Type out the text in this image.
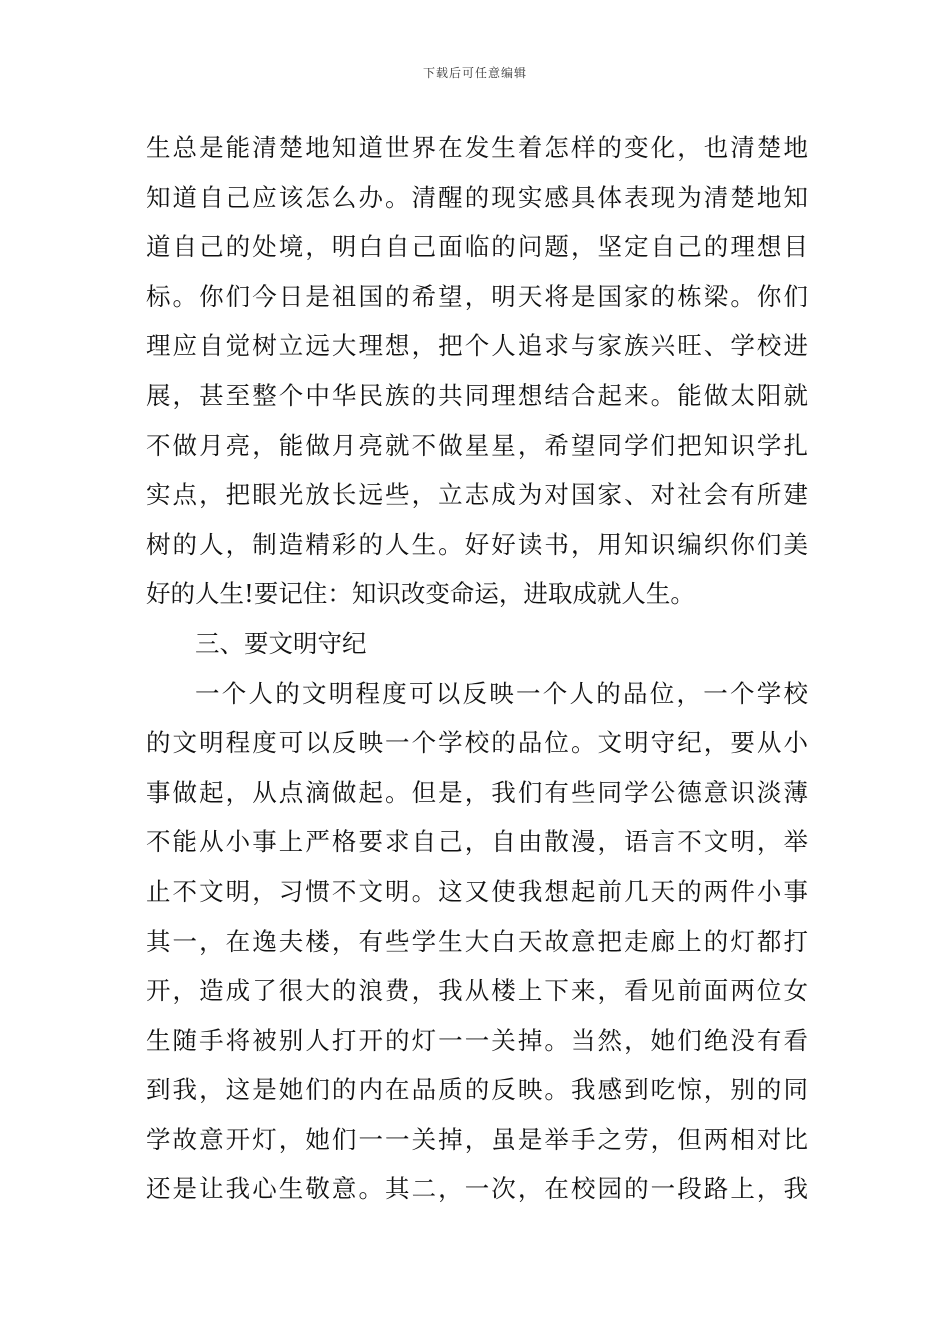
下载后可任意编辑
生总是能清楚地知道世界在发生着怎样的变化，也清楚地
知道自己应该怎么办。清醒的现实感具体表现为清楚地知
道自己的处境，明白自己面临的问题，坚定自己的理想目
标。你们今日是祖国的希望，明天将是国家的栋梁。你们
理应自觉树立远大理想，把个人追求与家族兴旺、学校进
展，甚至整个中华民族的共同理想结合起来。能做太阳就
不做月亮，能做月亮就不做星星，希望同学们把知识学扎
实点，把眼光放长远些，立志成为对国家、对社会有所建
树的人，制造精彩的人生。好好读书，用知识编织你们美
好的人生!要记住：知识改变命运，进取成就人生。
三、要文明守纪
一个人的文明程度可以反映一个人的品位，一个学校
的文明程度可以反映一个学校的品位。文明守纪，要从小
事做起，从点滴做起。但是，我们有些同学公德意识淡薄
不能从小事上严格要求自己，自由散漫，语言不文明，举
止不文明，习惯不文明。这又使我想起前几天的两件小事
其一，在逸夫楼，有些学生大白天故意把走廊上的灯都打
开，造成了很大的浪费，我从楼上下来，看见前面两位女
生随手将被别人打开的灯一一关掉。当然，她们绝没有看
到我，这是她们的内在品质的反映。我感到吃惊，别的同
学故意开灯，她们一一关掉，虽是举手之劳，但两相对比
还是让我心生敬意。其二，一次，在校园的一段路上，我
